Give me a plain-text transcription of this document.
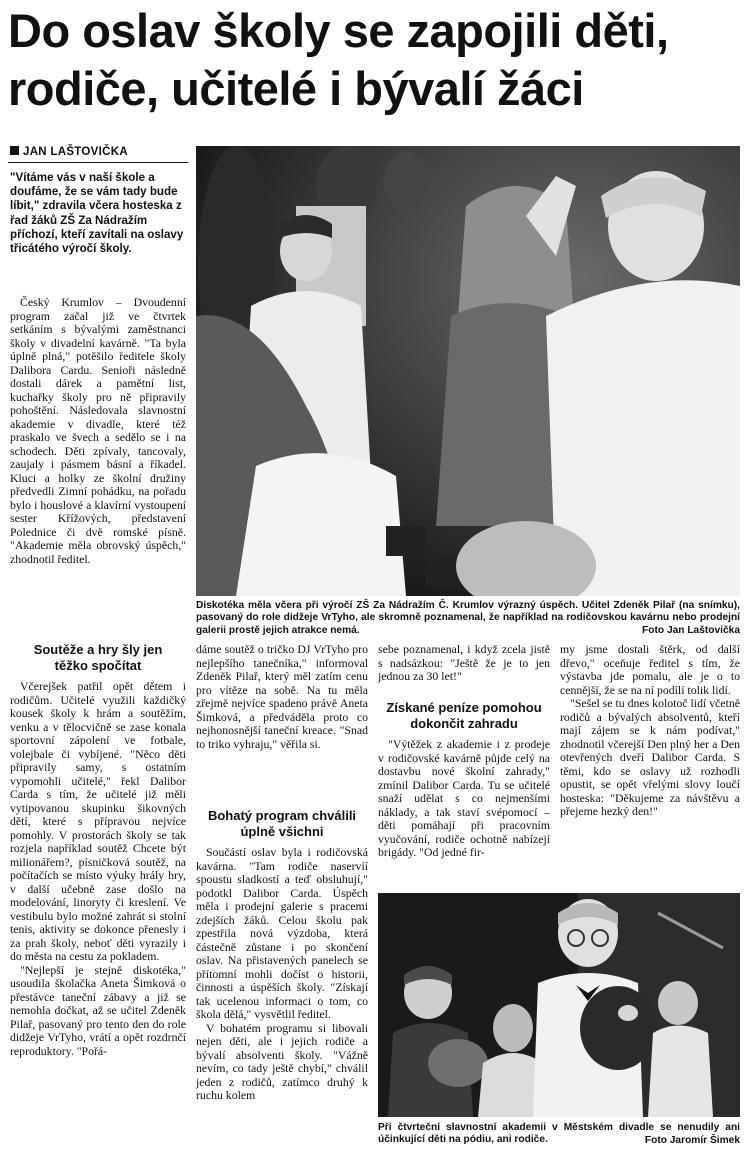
Do oslav školy se zapojili děti,
rodiče, učitelé i bývalí žáci
JAN LAŠTOVIČKA
"Vítáme vás v naší škole a doufáme, že se vám tady bude líbit," zdravila včera hosteska z řad žáků ZŠ Za Nádražím příchozí, kteří zavítali na oslavy třicátého výročí školy.

Český Krumlov – Dvoudenní program začal již ve čtvrtek setkáním s bývalými zaměstnanci školy v divadelní kavárně. "Ta byla úplně plná," potěšilo ředitele školy Dalibora Cardu. Senioři následně dostali dárek a pamětní list, kuchařky školy pro ně připravily pohoštění. Následovala slavnostní akademie v divadle, které též praskalo ve švech a sedělo se i na schodech. Děti zpívaly, tancovaly, zaujaly i pásmem básní a říkadel. Kluci a holky ze školní družiny předvedli Zimní pohádku, na pořadu bylo i houslové a klavírní vystoupení sester Křížových, představení Polednice či dvě romské písně. "Akademie měla obrovský úspěch," zhodnotil ředitel.

Soutěže a hry šly jen
těžko spočítat

Včerejšek patřil opět dětem i rodičům. Učitelé využili každičký kousek školy k hrám a soutěžím, venku a v tělocvičně se zase konala sportovní zápolení ve fotbale, volejbale či vybíjené. "Něco děti připravily samy, s ostatním vypomohli učitelé," řekl Dalibor Carda s tím, že učitelé již měli vytipovanou skupinku šikovných dětí, které s přípravou nejvíce pomohly. V prostorách školy se tak rozjela například soutěž Chcete být milionářem?, písničková soutěž, na počítačích se místo výuky hrály hry, v další učebně zase došlo na modelování, linoryty či kreslení. Ve vestibulu bylo možné zahrát si stolní tenis, aktivity se dokonce přenesly i za prah školy, neboť děti vyrazily i do města na cestu za pokladem.

"Nejlepší je stejně diskotéka," usoudila školačka Aneta Šimková o přestávce taneční zábavy a již se nemohla dočkat, až se učitel Zdeněk Pilař, pasovaný pro tento den do role didžeje VrTyho, vrátí a opět rozdrnčí reproduktory. "Pořá-

Diskotéka měla včera při výročí ZŠ Za Nádražím Č. Krumlov výrazný úspěch. Učitel Zdeněk Pilař (na snímku), pasovaný do role didžeje VrTyho, ale skromně poznamenal, že například na rodičovskou kavárnu nebo prodejní galerii prostě jejich atrakce nemá.	Foto Jan Laštovička

dáme soutěž o tričko DJ VrTyho pro nejlepšího tanečníka," informoval Zdeněk Pilař, který měl zatím cenu pro vítěze na sobě. Na tu měla zřejmě nejvíce spadeno právě Aneta Šimková, a předváděla proto co nejhonosnější taneční kreace. "Snad to triko vyhraju," věřila si.

Bohatý program chválili
úplně všichni

Součástí oslav byla i rodičovská kavárna. "Tam rodiče naservíí spoustu sladkostí a teď obsluhují," podotkl Dalibor Carda. Úspěch měla i prodejní galerie s pracemi zdejších žáků. Celou školu pak zpestřila nová výzdoba, která částečně zůstane i po skončení oslav. Na přistavených panelech se přítomní mohli dočíst o historii, činnosti a úspěších školy. "Získají tak ucelenou informaci o tom, co škola dělá," vysvětlil ředitel.

V bohatém programu si libovali nejen děti, ale i jejich rodiče a bývalí absolventi školy. "Vážně nevím, co tady ještě chybí," chválil jeden z rodičů, zatímco druhý k ruchu kolem

sebe poznamenal, i když zcela jistě s nadsázkou: "Ještě že je to jen jednou za 30 let!"

Získané peníze pomohou
dokončit zahradu

"Výtěžek z akademie i z prodeje v rodičovské kavárně půjde celý na dostavbu nové školní zahrady," zmínil Dalibor Carda. Tu se učitelé snaží udělat s co nejmenšími náklady, a tak staví svépomocí – děti pomáhají při pracovním vyučování, rodiče ochotně nabízejí brigády. "Od jedné fir-

my jsme dostali štěrk, od další dřevo," oceňuje ředitel s tím, že výstavba jde pomalu, ale je o to cennější, že se na ní podílí tolik lidí.

"Sešel se tu dnes kolotoč lidí včetně rodičů a bývalých absolventů, kteří mají zájem se k nám podívat," zhodnotil včerejší Den plný her a Den otevřených dveří Dalibor Carda. S těmi, kdo se oslavy už rozhodli opustit, se opět vřelými slovy loučí hosteska: "Děkujeme za návštěvu a přejeme hezký den!"

Při čtvrteční slavnostní akademii v Městském divadle se nenudily ani účinkující děti na pódiu, ani rodiče.	Foto Jaromír Šimek
